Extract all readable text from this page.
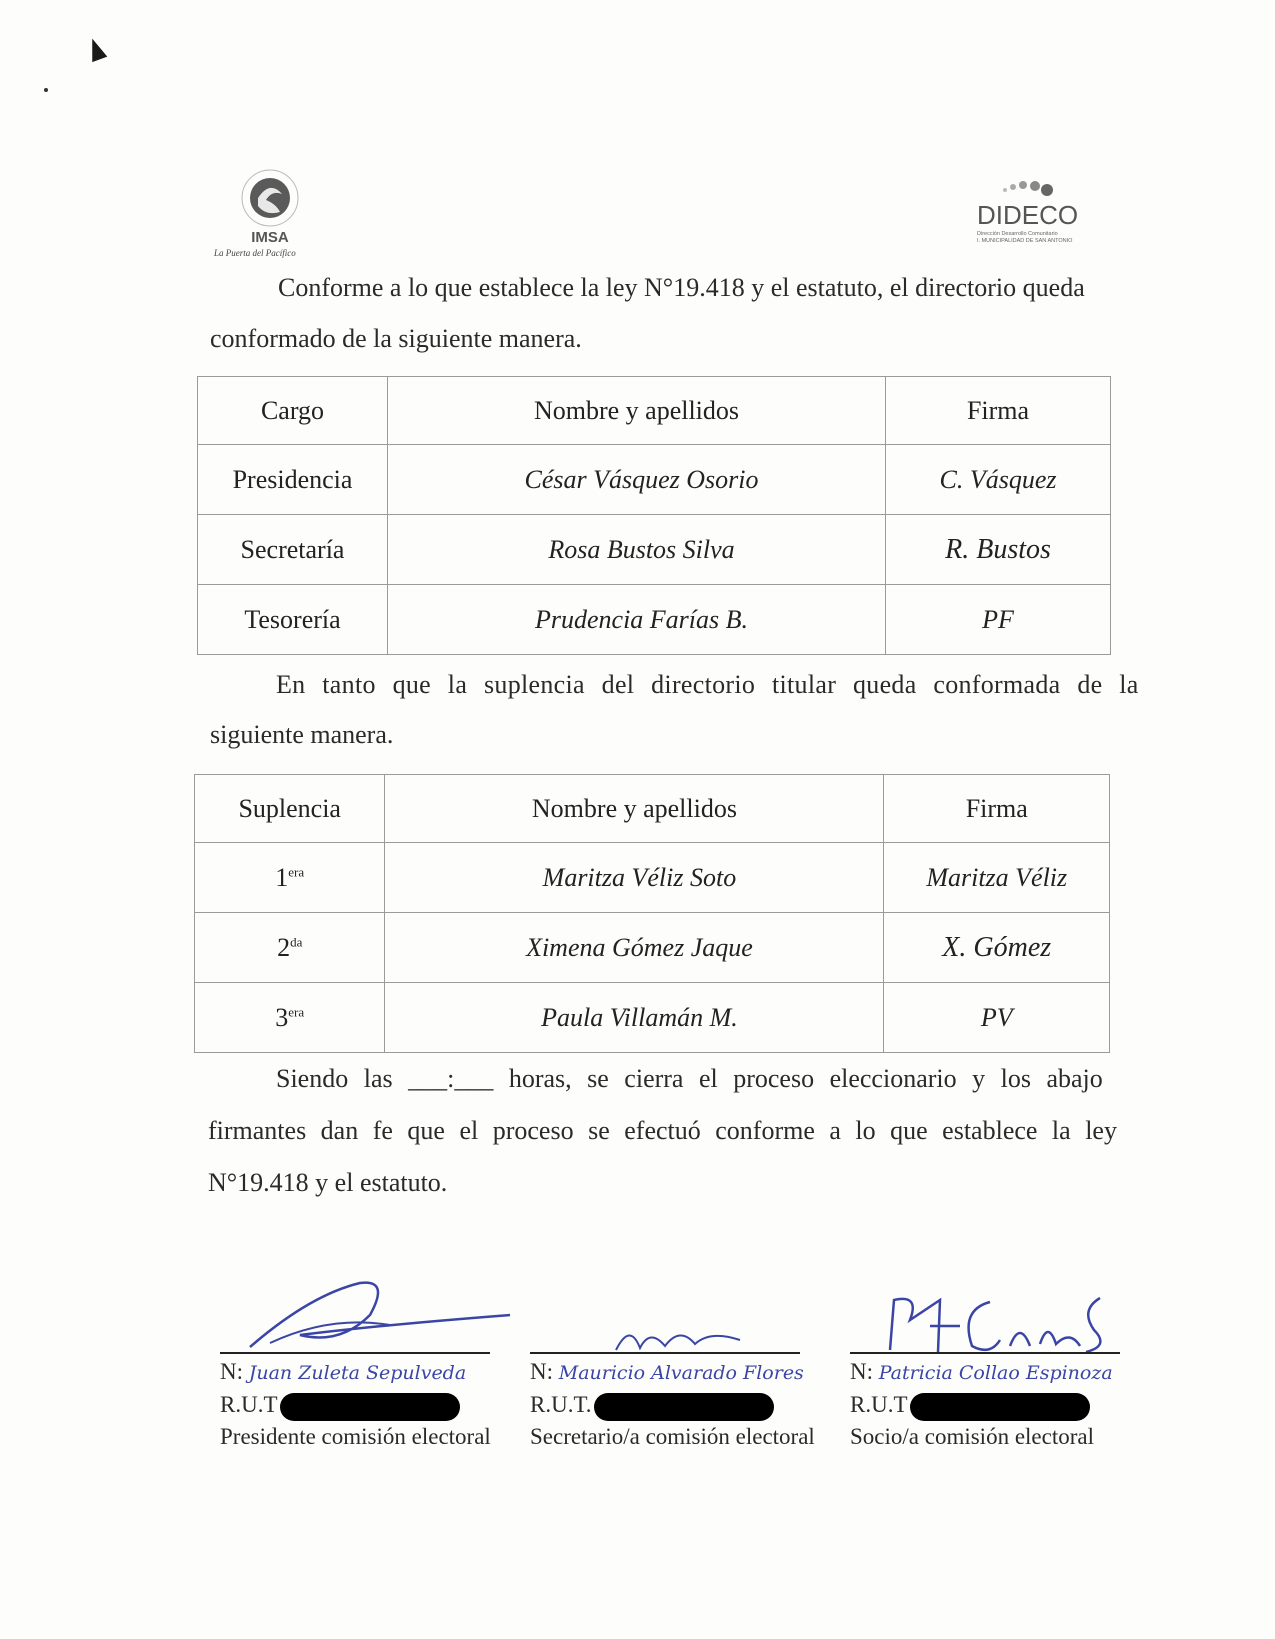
IMSA
La Puerta del Pacífico
DIDECO
Dirección Desarrollo Comunitario
I. MUNICIPALIDAD DE SAN ANTONIO
Conforme a lo que establece la ley N°19.418 y el estatuto, el directorio queda
conformado de la siguiente manera.
Cargo	Nombre y apellidos	Firma
Presidencia	César Vásquez Osorio	C. Vásquez
Secretaría	Rosa Bustos Silva	R. Bustos
Tesorería	Prudencia Farías B.	PF
En tanto que la suplencia del directorio titular queda conformada de la
siguiente manera.
Suplencia	Nombre y apellidos	Firma
$1^{era}$	Maritza Véliz Soto	Maritza Véliz
$2^{da}$	Ximena Gómez Jaque	X. Gómez
$3^{era}$	Paula Villamán M.	PV
Siendo las ___:___ horas, se cierra el proceso eleccionario y los abajo
firmantes dan fe que el proceso se efectuó conforme a lo que establece la ley
N°19.418 y el estatuto.
N: Juan Zuleta Sepulveda
R.U.T
Presidente comisión electoral
N: Mauricio Alvarado Flores
R.U.T.
Secretario/a comisión electoral
N: Patricia Collao Espinoza
R.U.T
Socio/a comisión electoral
